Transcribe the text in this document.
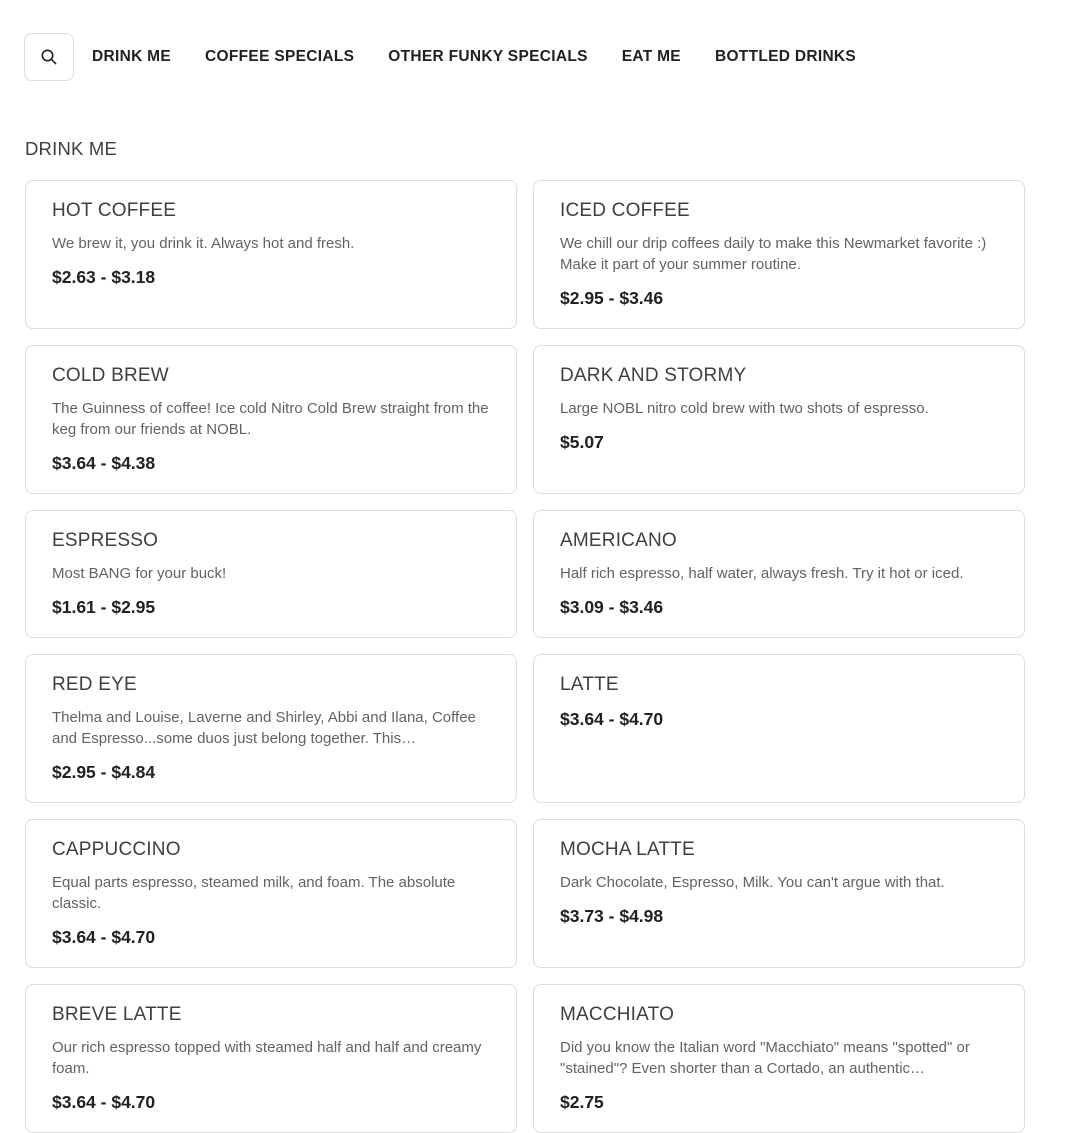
DRINK ME COFFEE SPECIALS OTHER FUNKY SPECIALS EAT ME BOTTLED DRINKS
DRINK ME
HOT COFFEE

We brew it, you drink it. Always hot and fresh.

$2.63 - $3.18
ICED COFFEE

We chill our drip coffees daily to make this Newmarket favorite :) Make it part of your summer routine.

$2.95 - $3.46
COLD BREW

The Guinness of coffee! Ice cold Nitro Cold Brew straight from the keg from our friends at NOBL.

$3.64 - $4.38
DARK AND STORMY

Large NOBL nitro cold brew with two shots of espresso.

$5.07
ESPRESSO

Most BANG for your buck!

$1.61 - $2.95
AMERICANO

Half rich espresso, half water, always fresh. Try it hot or iced.

$3.09 - $3.46
RED EYE

Thelma and Louise, Laverne and Shirley, Abbi and Ilana, Coffee and Espresso...some duos just belong together. This…

$2.95 - $4.84
LATTE
$3.64 - $4.70
CAPPUCCINO

Equal parts espresso, steamed milk, and foam. The absolute classic.

$3.64 - $4.70
MOCHA LATTE

Dark Chocolate, Espresso, Milk. You can't argue with that.

$3.73 - $4.98
BREVE LATTE

Our rich espresso topped with steamed half and half and creamy foam.

$3.64 - $4.70
MACCHIATO

Did you know the Italian word "Macchiato" means "spotted" or "stained"? Even shorter than a Cortado, an authentic…

$2.75
